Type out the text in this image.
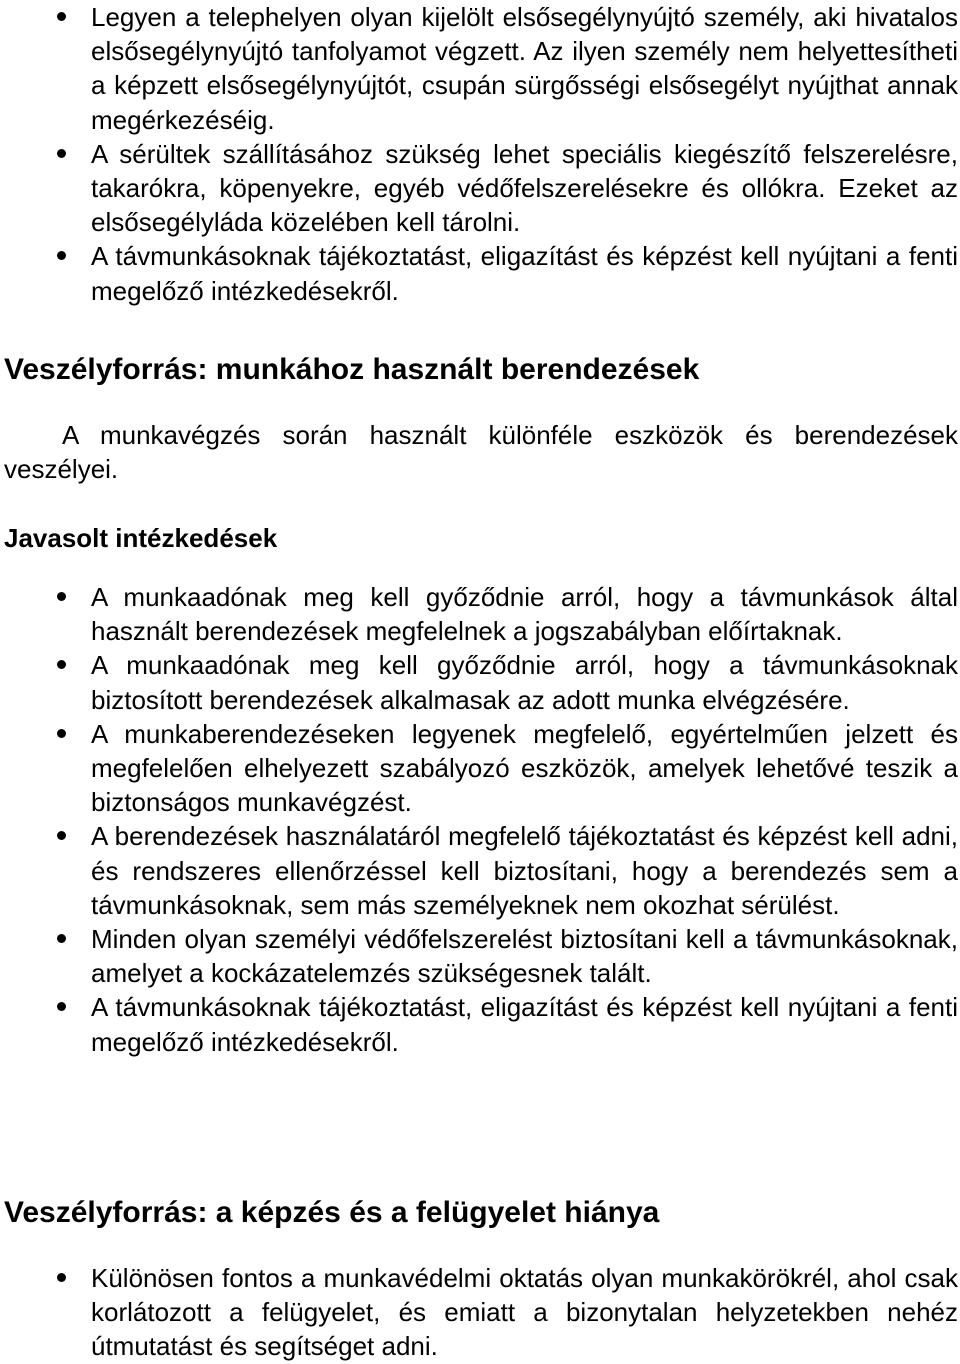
Legyen a telephelyen olyan kijelölt elsősegélynyújtó személy, aki hivatalos elsősegélynyújtó tanfolyamot végzett. Az ilyen személy nem helyettesítheti a képzett elsősegélynyújtót, csupán sürgősségi elsősegélyt nyújthat annak megérkezéséig.
A sérültek szállításához szükség lehet speciális kiegészítő felszerelésre, takarókra, köpenyekre, egyéb védőfelszerelésekre és ollókra. Ezeket az elsősegélyláda közelében kell tárolni.
A távmunkásoknak tájékoztatást, eligazítást és képzést kell nyújtani a fenti megelőző intézkedésekről.
Veszélyforrás: munkához használt berendezések
A munkavégzés során használt különféle eszközök és berendezések veszélyei.
Javasolt intézkedések
A munkaadónak meg kell győződnie arról, hogy a távmunkások által használt berendezések megfelelnek a jogszabályban előírtaknak.
A munkaadónak meg kell győződnie arról, hogy a távmunkásoknak biztosított berendezések alkalmasak az adott munka elvégzésére.
A munkaberendezéseken legyenek megfelelő, egyértelműen jelzett és megfelelően elhelyezett szabályozó eszközök, amelyek lehetővé teszik a biztonságos munkavégzést.
A berendezések használatáról megfelelő tájékoztatást és képzést kell adni, és rendszeres ellenőrzéssel kell biztosítani, hogy a berendezés sem a távmunkásoknak, sem más személyeknek nem okozhat sérülést.
Minden olyan személyi védőfelszerelést biztosítani kell a távmunkásoknak, amelyet a kockázatelemzés szükségesnek talált.
A távmunkásoknak tájékoztatást, eligazítást és képzést kell nyújtani a fenti megelőző intézkedésekről.
Veszélyforrás: a képzés és a felügyelet hiánya
Különösen fontos a munkavédelmi oktatás olyan munkakörökrél, ahol csak korlátozott a felügyelet, és emiatt a bizonytalan helyzetekben nehéz útmutatást és segítséget adni.
